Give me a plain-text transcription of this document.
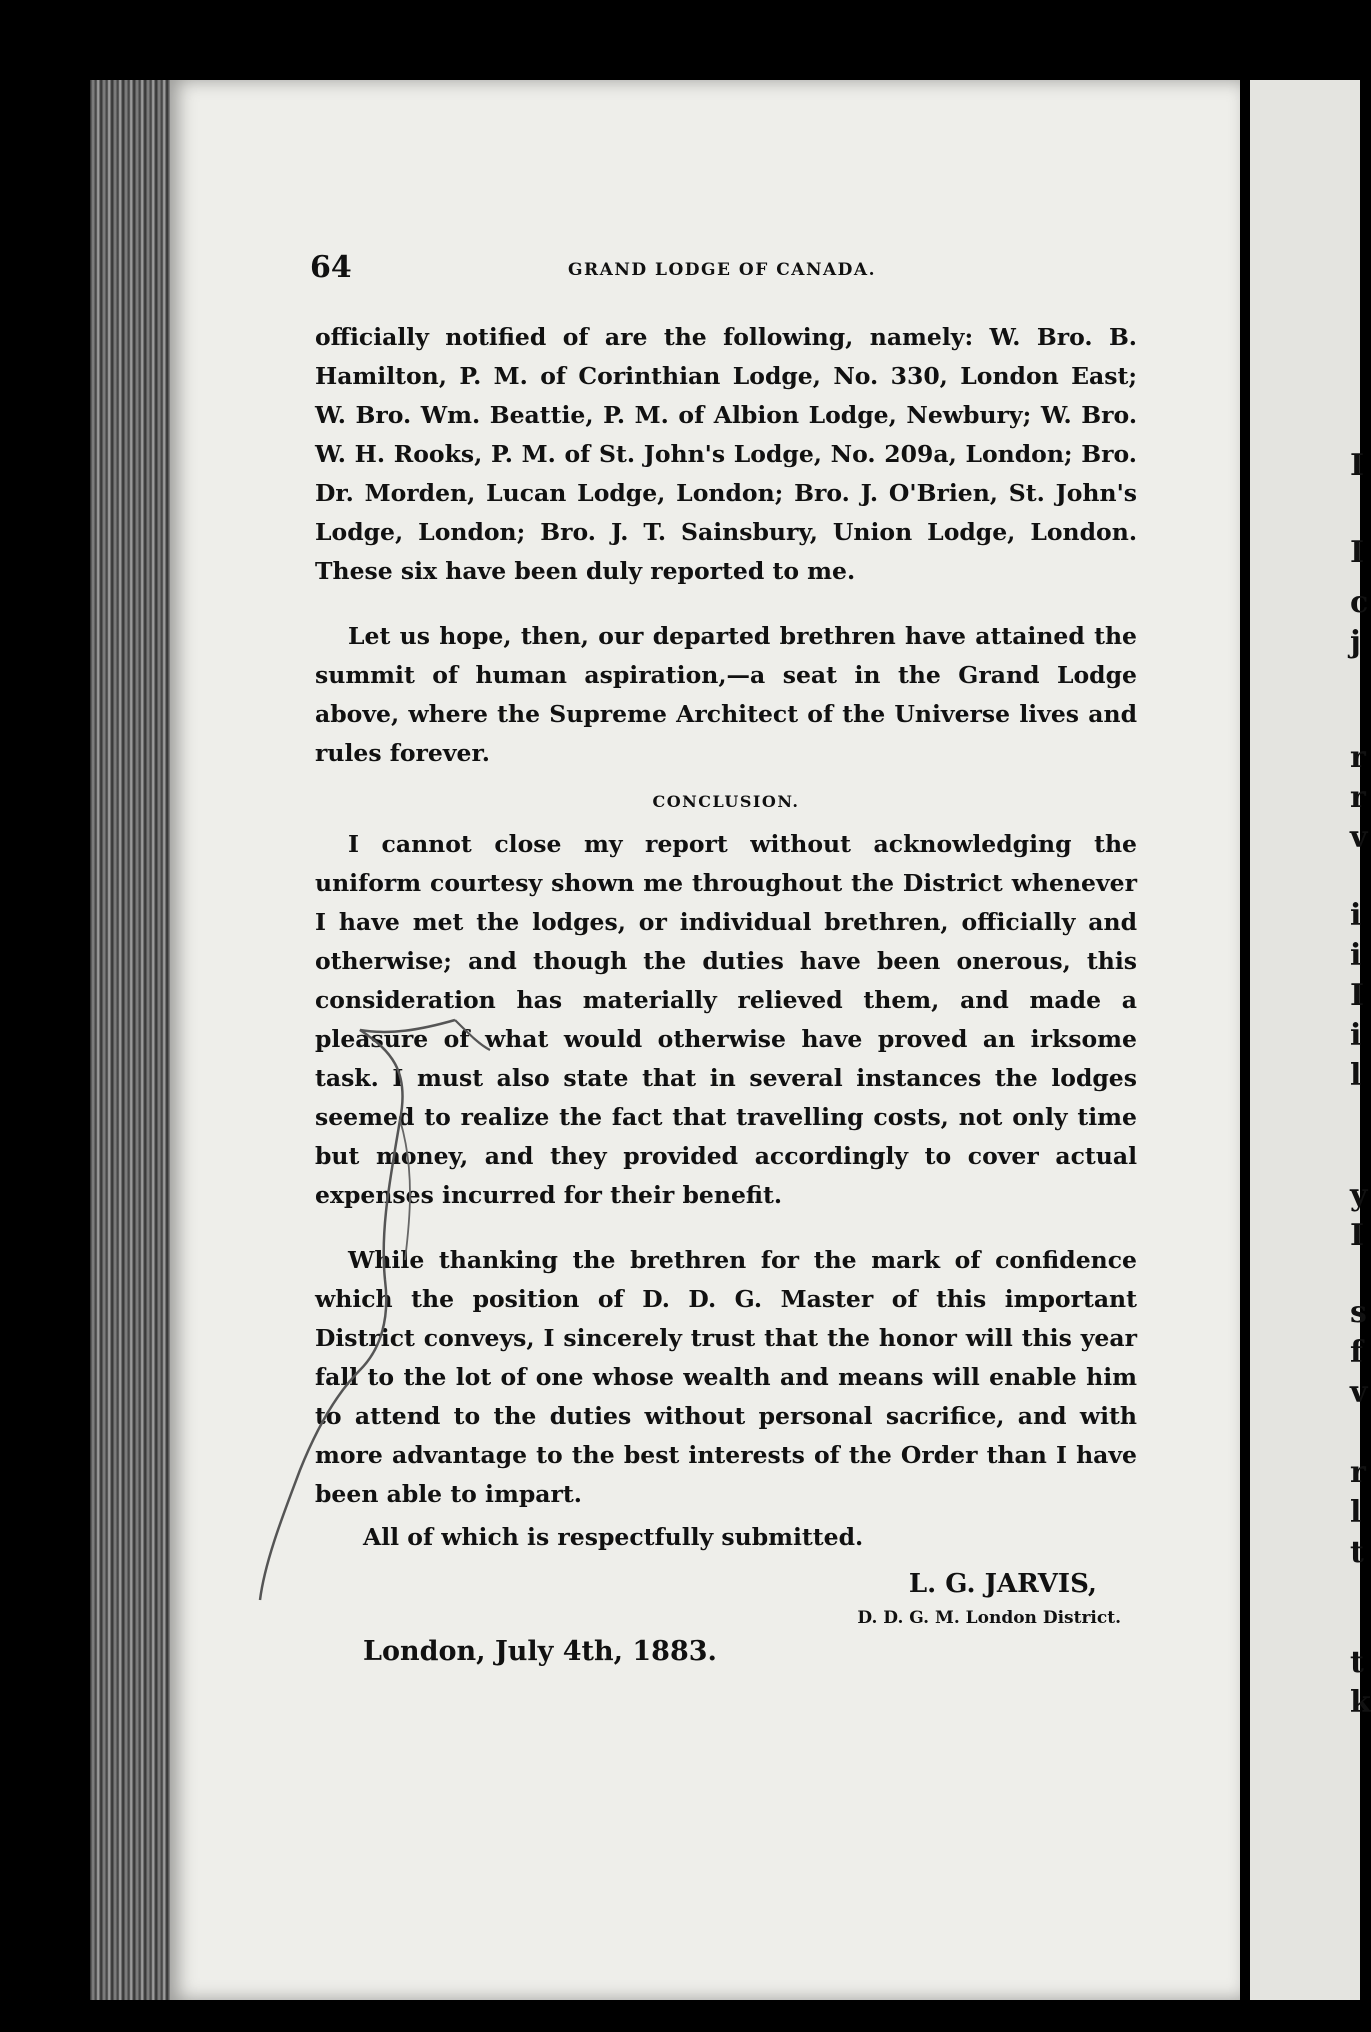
I
I
c
j
r
r
v
i
i
I
i
l
y
I
s
f
v
r
l
t
t
k
64	GRAND LODGE OF CANADA.

officially notified of are the following, namely: W. Bro. B. Hamilton, P. M. of Corinthian Lodge, No. 330, London East; W. Bro. Wm. Beattie, P. M. of Albion Lodge, Newbury; W. Bro. W. H. Rooks, P. M. of St. John's Lodge, No. 209a, London; Bro. Dr. Morden, Lucan Lodge, London; Bro. J. O'Brien, St. John's Lodge, London; Bro. J. T. Sainsbury, Union Lodge, London. These six have been duly reported to me.

Let us hope, then, our departed brethren have attained the summit of human aspiration,—a seat in the Grand Lodge above, where the Supreme Architect of the Universe lives and rules forever.

CONCLUSION.

I cannot close my report without acknowledging the uniform courtesy shown me throughout the District whenever I have met the lodges, or individual brethren, officially and otherwise; and though the duties have been onerous, this consideration has materially relieved them, and made a pleasure of what would otherwise have proved an irksome task. I must also state that in several instances the lodges seemed to realize the fact that travelling costs, not only time but money, and they provided accordingly to cover actual expenses incurred for their benefit.

While thanking the brethren for the mark of confidence which the position of D. D. G. Master of this important District conveys, I sincerely trust that the honor will this year fall to the lot of one whose wealth and means will enable him to attend to the duties without personal sacrifice, and with more advantage to the best interests of the Order than I have been able to impart.

All of which is respectfully submitted.

L. G. JARVIS,

D. D. G. M. London District.

London, July 4th, 1883.
